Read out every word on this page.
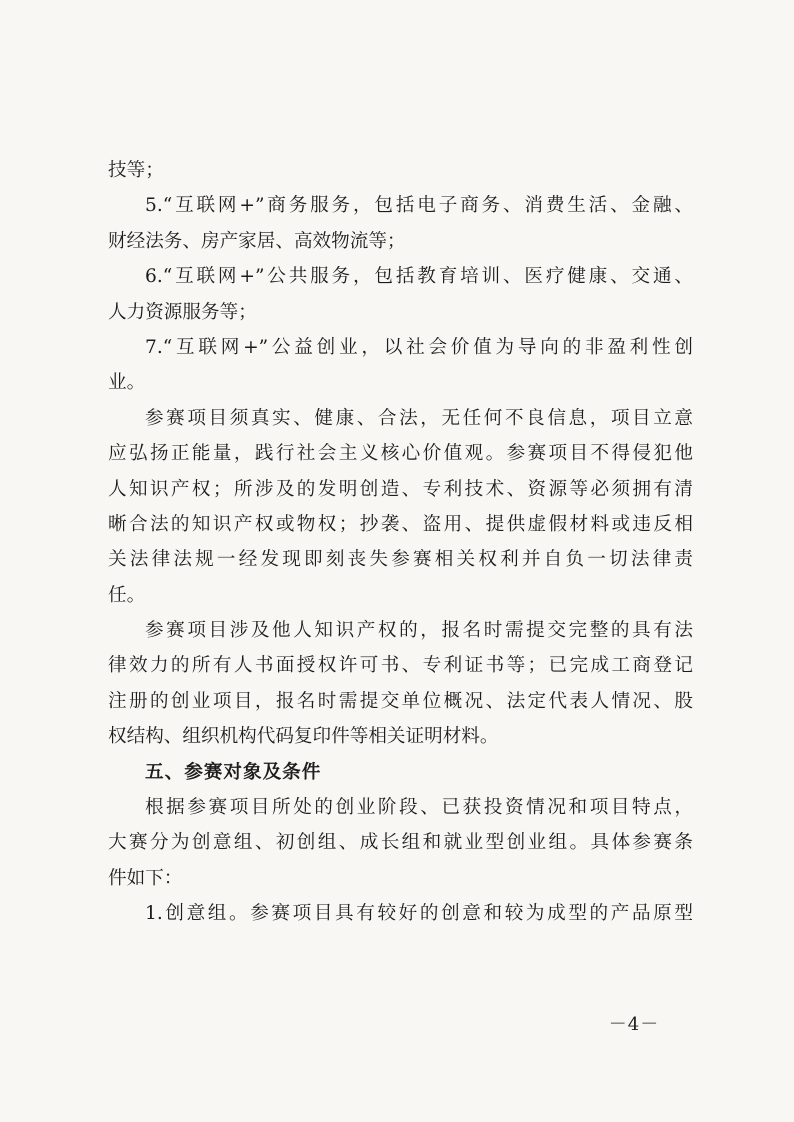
技等；
5.“互联网+”商务服务，包括电子商务、消费生活、金融、
财经法务、房产家居、高效物流等；
6.“互联网+”公共服务，包括教育培训、医疗健康、交通、
人力资源服务等；
7.“互联网+”公益创业，以社会价值为导向的非盈利性创
业。
参赛项目须真实、健康、合法，无任何不良信息，项目立意
应弘扬正能量，践行社会主义核心价值观。参赛项目不得侵犯他
人知识产权；所涉及的发明创造、专利技术、资源等必须拥有清
晰合法的知识产权或物权；抄袭、盗用、提供虚假材料或违反相
关法律法规一经发现即刻丧失参赛相关权利并自负一切法律责
任。
参赛项目涉及他人知识产权的，报名时需提交完整的具有法
律效力的所有人书面授权许可书、专利证书等；已完成工商登记
注册的创业项目，报名时需提交单位概况、法定代表人情况、股
权结构、组织机构代码复印件等相关证明材料。
五、参赛对象及条件
根据参赛项目所处的创业阶段、已获投资情况和项目特点，
大赛分为创意组、初创组、成长组和就业型创业组。具体参赛条
件如下：
1.创意组。参赛项目具有较好的创意和较为成型的产品原型
－4－
